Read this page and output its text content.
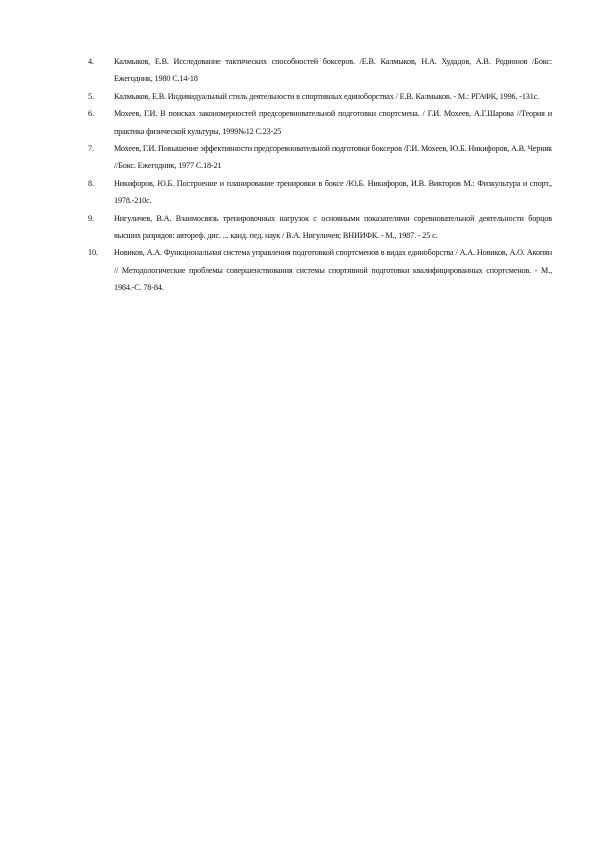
4. Калмыков, Е.В. Исследование тактических способностей боксеров. /Е.В. Калмыков, Н.А. Худадов, А.В. Родионов /Бокс: Ежегодник, 1980 С.14-18
5. Калмыков, Е.В. Индивидуальный стиль деятельности в спортивных единоборствах / Е.В. Калмыков. - М.: РГАФК, 1996. -131с.
6. Мохеев, Г.И. В поисках закономерностей предсоревновательной подготовки спортсмена. / Г.И. Мохеев, А.Г.Шарова //Теория и практика физической культуры, 1999№12 С.23-25
7. Мохеев, Г.И. Повышение эффективности предсоревновательной подготовки боксеров /Г.И. Мохеев, Ю.Б. Никифоров, А.В. Черняк //Бокс. Ежегодник, 1977 С.18-21
8. Никифоров, Ю.Б. Построение и планирование тренировки в боксе /Ю.Б. Никифоров, И.В. Викторов М.: Физкультура и спорт., 1978.-210с.
9. Нигуличев, В.А. Взаимосвязь тренировочных нагрузок с основными показателями соревновательной деятельности борцов высших разрядов: автореф. дис. ... канд. пед. наук / В.А. Нигуличев; ВНИИФК. - М., 1987. - 25 с.
10. Новиков, А.А. Функциональная система управления подготовкой спортсменов в видах единоборства / А.А. Новиков, А.О. Акопян // Методологические проблемы совершенствования системы спортивной подготовки квалифицированных спортсменов. - М., 1984.-С. 78-84.
